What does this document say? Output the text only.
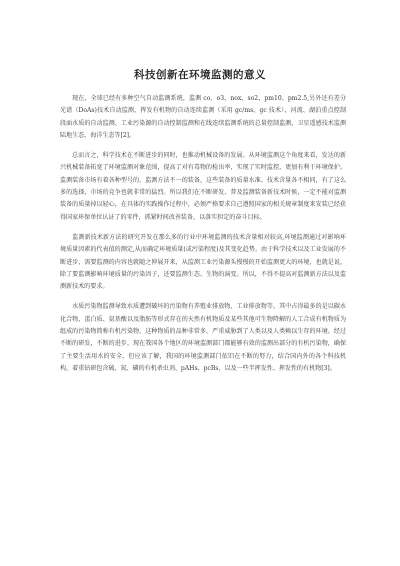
科技创新在环境监测的意义

现在，全球已经有多种空气自动监测系统，监测 co、o3、nox、so2、pm10、pm2.5,另外还有差分光谱（DoAs)技术自动监测、挥发有机物的自动连续监测（采用 gc/ms、gc 技术）、河流、湖泊重点控制段面水质的自动监测、工业污染源的自动控制监测和在线连续监测系统的总量控制监测、卫星遥感技术监测陆地生态、海洋生态等[2]。

总而言之，科学技术在不断进步的同时，也推动机械设备的发展。从环境监测这个角度来看，发达的新兴机械装备拓宽了环境监测对象范围，提高了对有毒物的检出率，实现了实时监控，更加有利于环境保护。监测装备市场有着各种型号的，监测方法不一的装备，这些装备的质量水准、技术含量各不相同，有了这么多的选择，市场的竞争也就非常的猛烈。所以我们在不断研发、普及监测装备新技术时候，一定不能对监测装备的质量掉以轻心，在具体的实践操作过程中，必须严格要求自己遵照国家的相关规章制度来安装已经获得国家环保单位认证了的零件，抓紧时间改善装备，以落实担定的奋斗目标。

监测新技术新方法的研究开发在那么多的行业中环境监测的技术含量相对较高,环境监测通过对影响环境质量因素的代表值的测定,从而确定环境质量(或污染程度)及其变化趋势。由于科学技术以及工业发展的不断进步，需要监测的内容也就随之伸展开来，从监测工业污染源头慢慢的开始监测更大的环境，也就是说，除了要监测影响环境质量的污染因子，还要监测生态、生物的演变。所以，不得不提高对监测新方法以及监测新技术的要求。

水质污染物监测导致水质遭到破坏的污染物有养殖业排放物、工业排放物等，其中占得最多的是以碳水化合物、蛋白质、氨基酸以及脂肪等形式存在的天然有机物质及某些其他可生物降解的人工合成有机物质为组成的污染物简称有机污染物，这种物质的品种非常多，严重威胁到了人类以及人类赖以生存的环境。经过不断的研发，不断的进步，现在我国各个地区的环境监测部门都能够有效的监测出部分的有机污染物，确保了主要生活用水的安全，但应该了解，我国的环境监测部门依旧在不断的努力，结合国内外的各个科技机构，着重钻研包含硫、氮、磷的有机杀虫剂、pAHs、pcBs，以及一些半挥发性、挥发性的有机物[3]。
